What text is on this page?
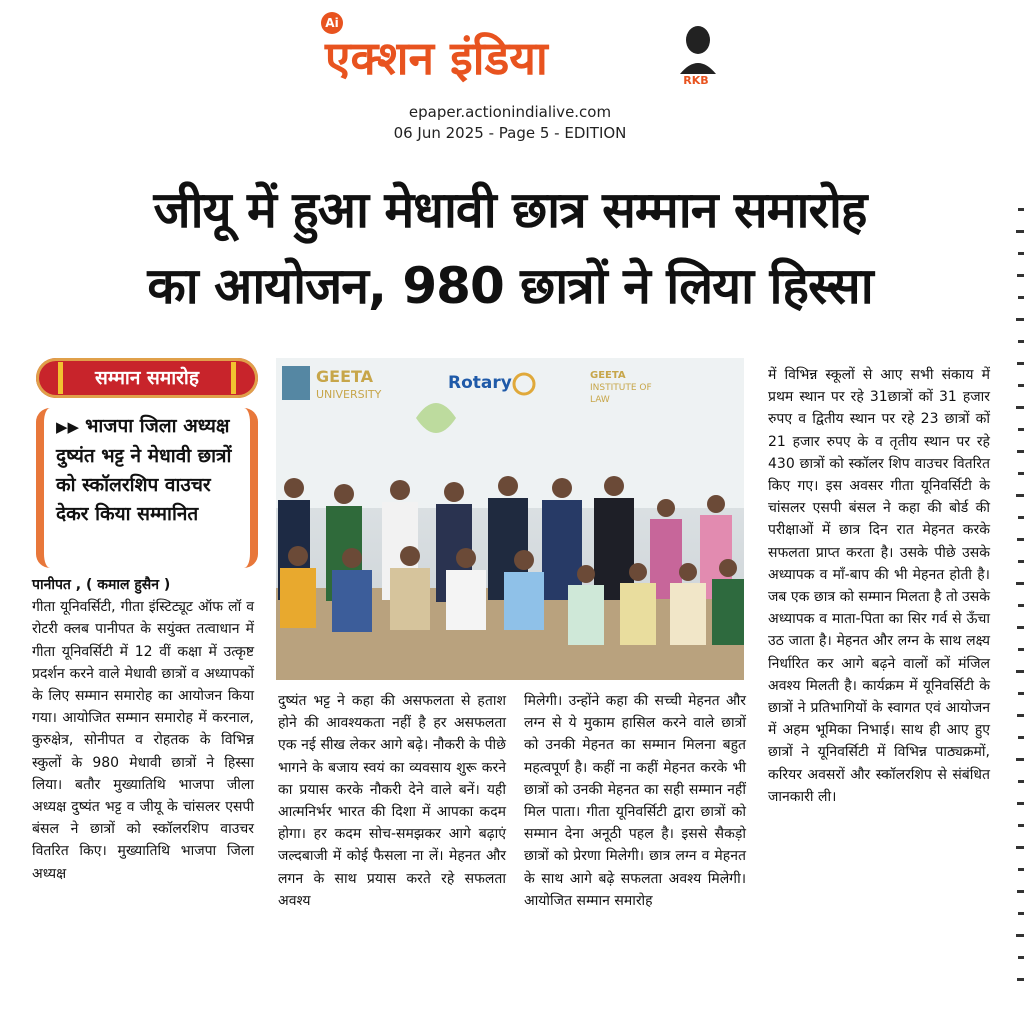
Ai
एक्शन इंडिया	RKB
epaper.actionindialive.com
06 Jun 2025 - Page 5 - EDITION
जीयू में हुआ मेधावी छात्र सम्मान समारोह
का आयोजन, 980 छात्रों ने लिया हिस्सा
सम्मान समारोह
▶▶ भाजपा जिला अध्यक्ष दुष्यंत भट्ट ने मेधावी छात्रों को स्कॉलरशिप वाउचर देकर किया सम्मानित
पानीपत , ( कमाल हुसैन )
गीता यूनिवर्सिटी, गीता इंस्टिट्यूट ऑफ लॉ व रोटरी क्लब पानीपत के सयुंक्त तत्वाधान में गीता यूनिवर्सिटी में 12 वीं कक्षा में उत्कृष्ट प्रदर्शन करने वाले मेधावी छात्रों व अध्यापकों के लिए सम्मान समारोह का आयोजन किया गया। आयोजित सम्मान समारोह में करनाल, कुरुक्षेत्र, सोनीपत व रोहतक के विभिन्न स्कुलों के 980 मेधावी छात्रों ने हिस्सा लिया। बतौर मुख्यातिथि भाजपा जीला अध्यक्ष दुष्यंत भट्ट व जीयू के चांसलर एसपी बंसल ने छात्रों को स्कॉलरशिप वाउचर वितरित किए। मुख्यातिथि भाजपा जिला अध्यक्ष
GEETA
UNIVERSITY
Rotary	GEETA
INSTITUTE OF
LAW
दुष्यंत भट्ट ने कहा की असफलता से हताश होने की आवश्यकता नहीं है हर असफलता एक नई सीख लेकर आगे बढ़े। नौकरी के पीछे भागने के बजाय स्वयं का व्यवसाय शुरू करने का प्रयास करके नौकरी देने वाले बनें। यही आत्मनिर्भर भारत की दिशा में आपका कदम होगा। हर कदम सोच-समझकर आगे बढ़ाएं जल्दबाजी में कोई फैसला ना लें। मेहनत और लगन के साथ प्रयास करते रहे सफलता अवश्य
मिलेगी। उन्होंने कहा की सच्ची मेहनत और लग्न से ये मुकाम हासिल करने वाले छात्रों को उनकी मेहनत का सम्मान मिलना बहुत महत्वपूर्ण है। कहीं ना कहीं मेहनत करके भी छात्रों को उनकी मेहनत का सही सम्मान नहीं मिल पाता। गीता यूनिवर्सिटी द्वारा छात्रों को सम्मान देना अनूठी पहल है। इससे सैकड़ो छात्रों को प्रेरणा मिलेगी। छात्र लग्न व मेहनत के साथ आगे बढ़े सफलता अवश्य मिलेगी।आयोजित सम्मान समारोह
में विभिन्न स्कूलों से आए सभी संकाय में प्रथम स्थान पर रहे 31छात्रों कों 31 हजार रुपए व द्वितीय स्थान पर रहे 23 छात्रों कों 21 हजार रुपए के व तृतीय स्थान पर रहे 430 छात्रों को स्कॉलर शिप वाउचर वितरित किए गए। इस अवसर गीता यूनिवर्सिटी के चांसलर एसपी बंसल ने कहा की बोर्ड की परीक्षाओं में छात्र दिन रात मेहनत करके सफलता प्राप्त करता है। उसके पीछे उसके अध्यापक व माँ-बाप की भी मेहनत होती है। जब एक छात्र को सम्मान मिलता है तो उसके अध्यापक व माता-पिता का सिर गर्व से ऊँचा उठ जाता है। मेहनत और लग्न के साथ लक्ष्य निर्धारित कर आगे बढ़ने वालों कों मंजिल अवश्य मिलती है। कार्यक्रम में यूनिवर्सिटी के छात्रों ने प्रतिभागियों के स्वागत एवं आयोजन में अहम भूमिका निभाई। साथ ही आए हुए छात्रों ने यूनिवर्सिटी में विभिन्न पाठ्यक्रमों, करियर अवसरों और स्कॉलरशिप से संबंधित जानकारी ली।
